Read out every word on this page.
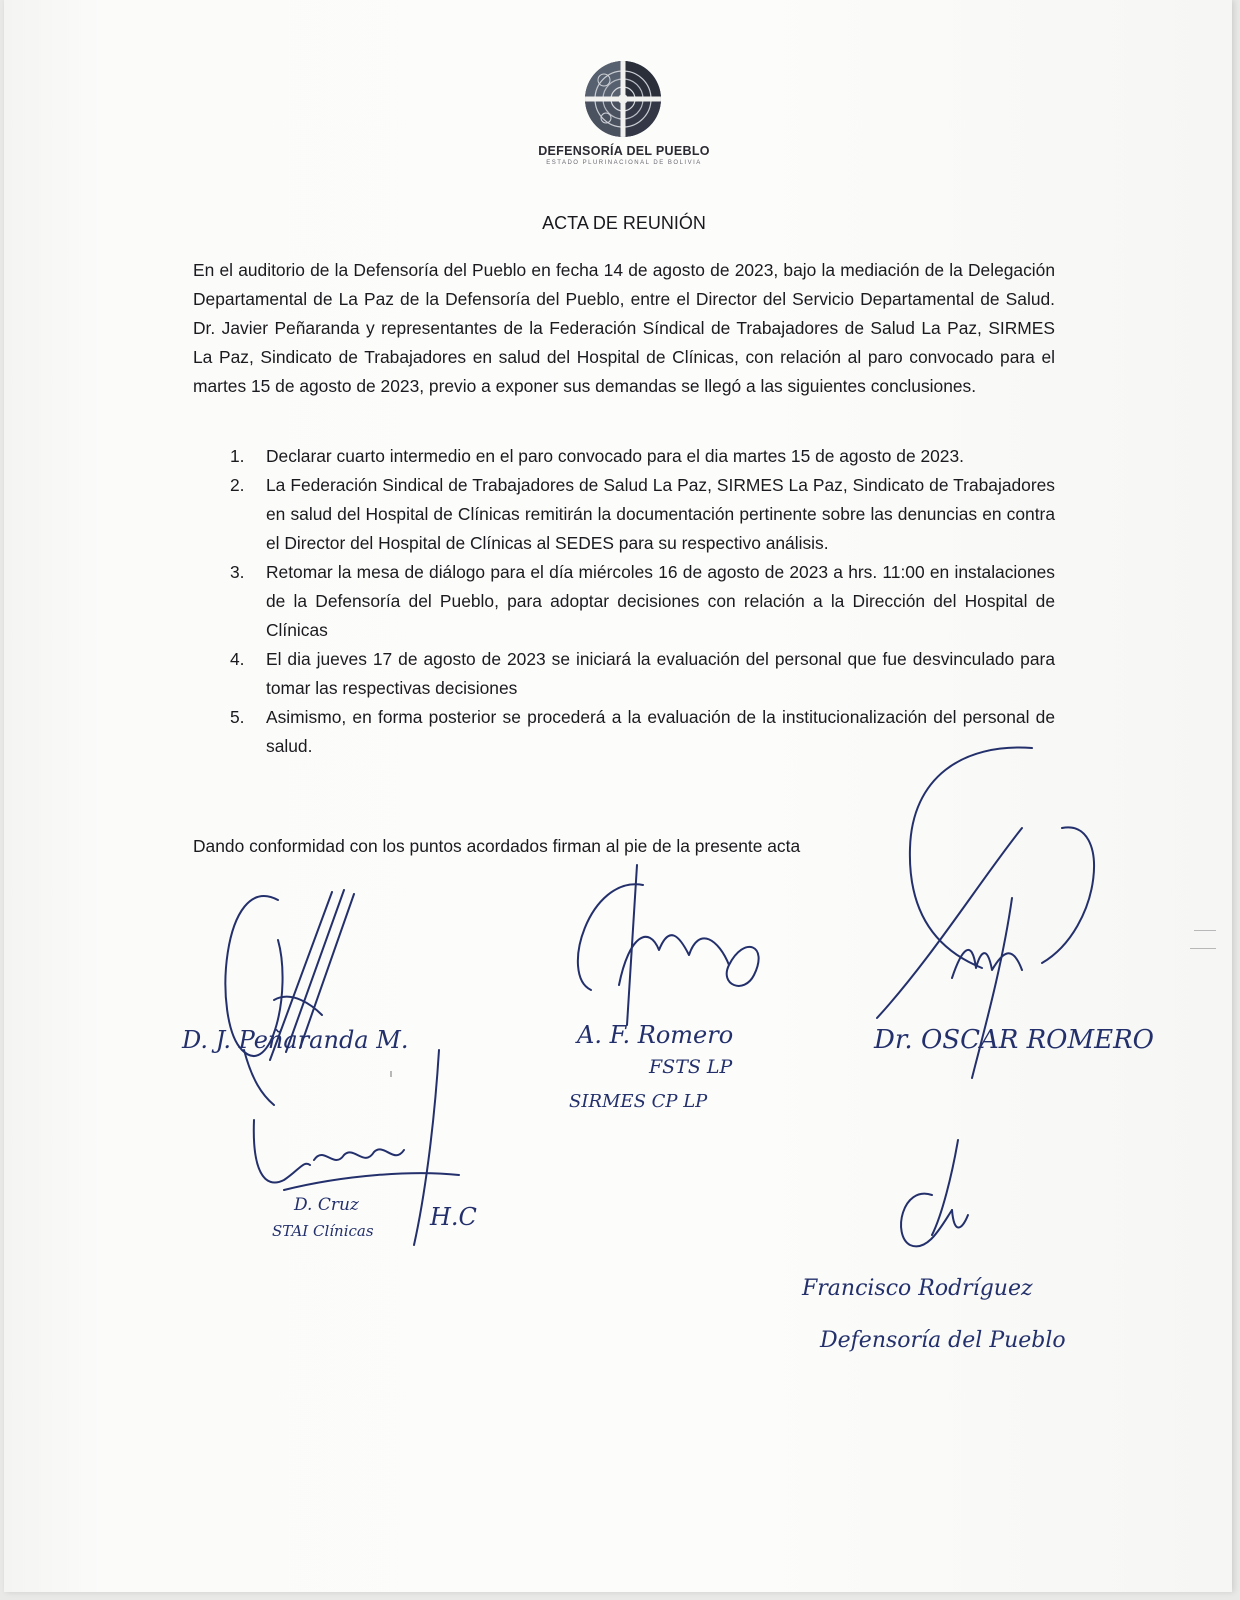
DEFENSORÍA DEL PUEBLO
ESTADO PLURINACIONAL DE BOLIVIA
ACTA DE REUNIÓN

En el auditorio de la Defensoría del Pueblo en fecha 14 de agosto de 2023, bajo la mediación de la Delegación Departamental de La Paz de la Defensoría del Pueblo, entre el Director del Servicio Departamental de Salud. Dr. Javier Peñaranda y representantes de la Federación Síndical de Trabajadores de Salud La Paz, SIRMES La Paz, Sindicato de Trabajadores en salud del Hospital de Clínicas, con relación al paro convocado para el martes 15 de agosto de 2023, previo a exponer sus demandas se llegó a las siguientes conclusiones.

1. Declarar cuarto intermedio en el paro convocado para el dia martes 15 de agosto de 2023.
2. La Federación Sindical de Trabajadores de Salud La Paz, SIRMES La Paz, Sindicato de Trabajadores en salud del Hospital de Clínicas remitirán la documentación pertinente sobre las denuncias en contra el Director del Hospital de Clínicas al SEDES para su respectivo análisis.
3. Retomar la mesa de diálogo para el día miércoles 16 de agosto de 2023 a hrs. 11:00 en instalaciones de la Defensoría del Pueblo, para adoptar decisiones con relación a la Dirección del Hospital de Clínicas
4. El dia jueves 17 de agosto de 2023 se iniciará la evaluación del personal que fue desvinculado para tomar las respectivas decisiones
5. Asimismo, en forma posterior se procederá a la evaluación de la institucionalización del personal de salud.

Dando conformidad con los puntos acordados firman al pie de la presente acta

D. J. Peñaranda M.
D. Cruz
STAI Clínicas H.C
A. F. Romero
FSTS LP
SIRMES CP LP
Dr. OSCAR ROMERO
Francisco Rodríguez
Defensoría del Pueblo
